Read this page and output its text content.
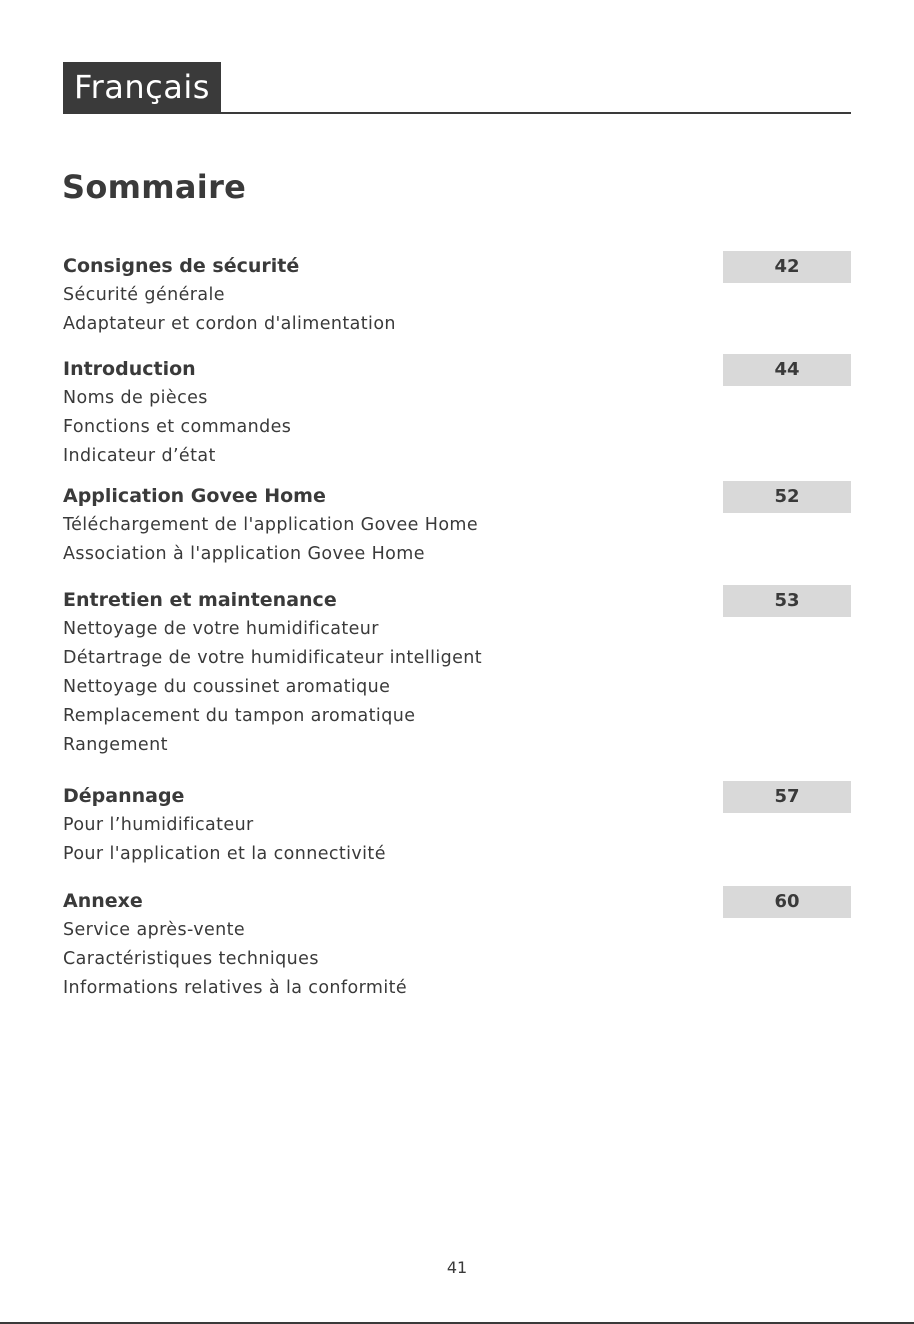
Français
Sommaire
Consignes de sécurité
Sécurité générale
Adaptateur et cordon d'alimentation
42
Introduction
Noms de pièces
Fonctions et commandes
Indicateur d’état
44
Application Govee Home
Téléchargement de l'application Govee Home
Association à l'application Govee Home
52
Entretien et maintenance
Nettoyage de votre humidificateur
Détartrage de votre humidificateur intelligent
Nettoyage du coussinet aromatique
Remplacement du tampon aromatique
Rangement
53
Dépannage
Pour l’humidificateur
Pour l'application et la connectivité
57
Annexe
Service après-vente
Caractéristiques techniques
Informations relatives à la conformité
60
41
